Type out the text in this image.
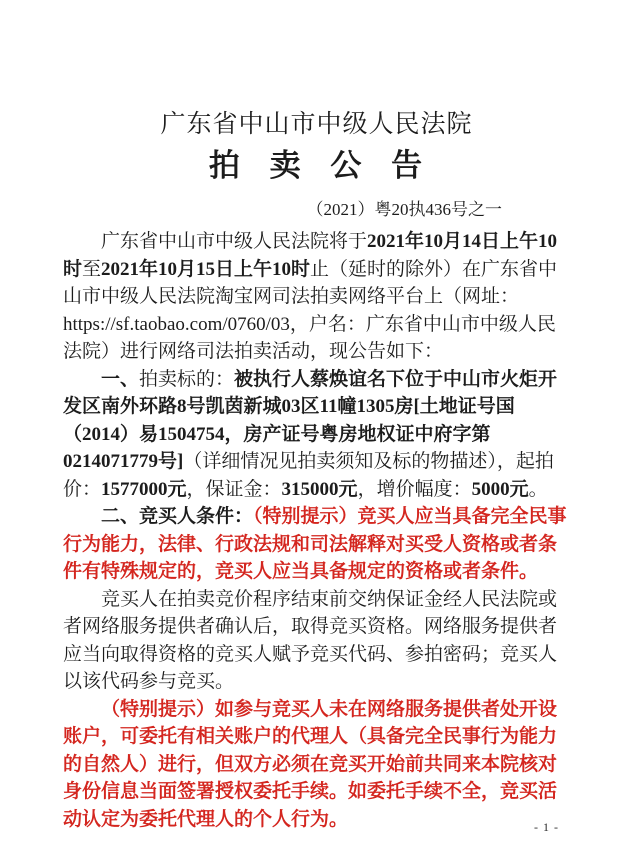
广东省中山市中级人民法院
拍 卖 公 告
（2021）粤20执436号之一

广东省中山市中级人民法院将于2021年10月14日上午10时至2021年10月15日上午10时止（延时的除外）在广东省中山市中级人民法院淘宝网司法拍卖网络平台上（网址：https://sf.taobao.com/0760/03，户名：广东省中山市中级人民法院）进行网络司法拍卖活动，现公告如下：

一、拍卖标的：被执行人蔡焕谊名下位于中山市火炬开发区南外环路8号凯茵新城03区11幢1305房[土地证号国（2014）易1504754，房产证号粤房地权证中府字第0214071779号]（详细情况见拍卖须知及标的物描述），起拍价：1577000元，保证金：315000元，增价幅度：5000元。

二、竞买人条件：（特别提示）竞买人应当具备完全民事行为能力，法律、行政法规和司法解释对买受人资格或者条件有特殊规定的，竞买人应当具备规定的资格或者条件。

竞买人在拍卖竞价程序结束前交纳保证金经人民法院或者网络服务提供者确认后，取得竞买资格。网络服务提供者应当向取得资格的竞买人赋予竞买代码、参拍密码；竞买人以该代码参与竞买。

（特别提示）如参与竞买人未在网络服务提供者处开设账户，可委托有相关账户的代理人（具备完全民事行为能力的自然人）进行，但双方必须在竞买开始前共同来本院核对身份信息当面签署授权委托手续。如委托手续不全，竞买活动认定为委托代理人的个人行为。	- 1 -
